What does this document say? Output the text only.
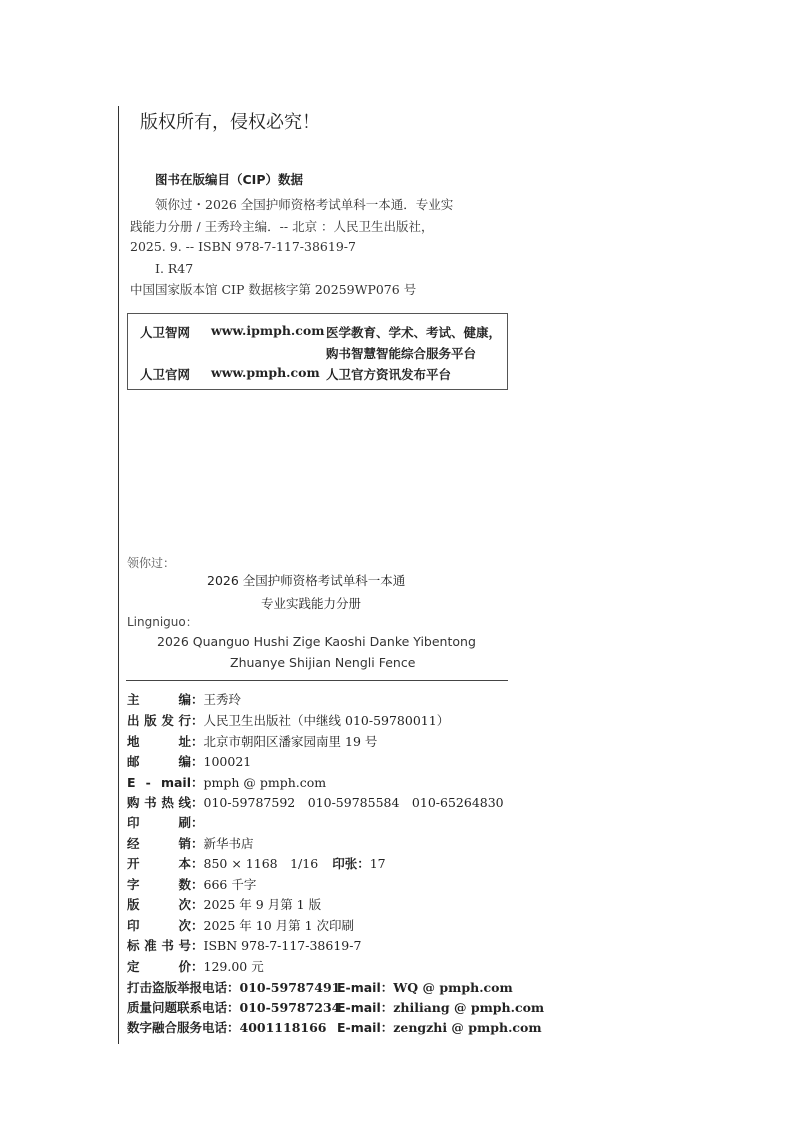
版权所有，侵权必究！
图书在版编目（CIP）数据
领你过・2026 全国护师资格考试单科一本通．专业实
践能力分册 / 王秀玲主编．-- 北京 ：人民卫生出版社，
2025. 9. -- ISBN 978-7-117-38619-7
Ⅰ. R47
中国国家版本馆 CIP 数据核字第 20259WP076 号
人卫智网 www.ipmph.com 医学教育、学术、考试、健康，
购书智慧智能综合服务平台
人卫官网 www.pmph.com 人卫官方资讯发布平台
领你过：
2026 全国护师资格考试单科一本通
专业实践能力分册
Lingniguo：
2026 Quanguo Hushi Zige Kaoshi Danke Yibentong
Zhuanye Shijian Nengli Fence
主编：王秀玲
出版发行：人民卫生出版社（中继线 010-59780011）
地址：北京市朝阳区潘家园南里 19 号
邮编：100021
E - mail：pmph @ pmph.com
购书热线：010-59787592　010-59785584　010-65264830
印刷：
经销：新华书店
开本：850 × 1168　1/16 印张：17
字数：666 千字
版次：2025 年 9 月第 1 版
印次：2025 年 10 月第 1 次印刷
标准书号：ISBN 978-7-117-38619-7
定价：129.00 元
打击盗版举报电话：010-59787491
E-mail：WQ @ pmph.com
质量问题联系电话：010-59787234
E-mail：zhiliang @ pmph.com
数字融合服务电话：4001118166 E-mail：zengzhi @ pmph.com
